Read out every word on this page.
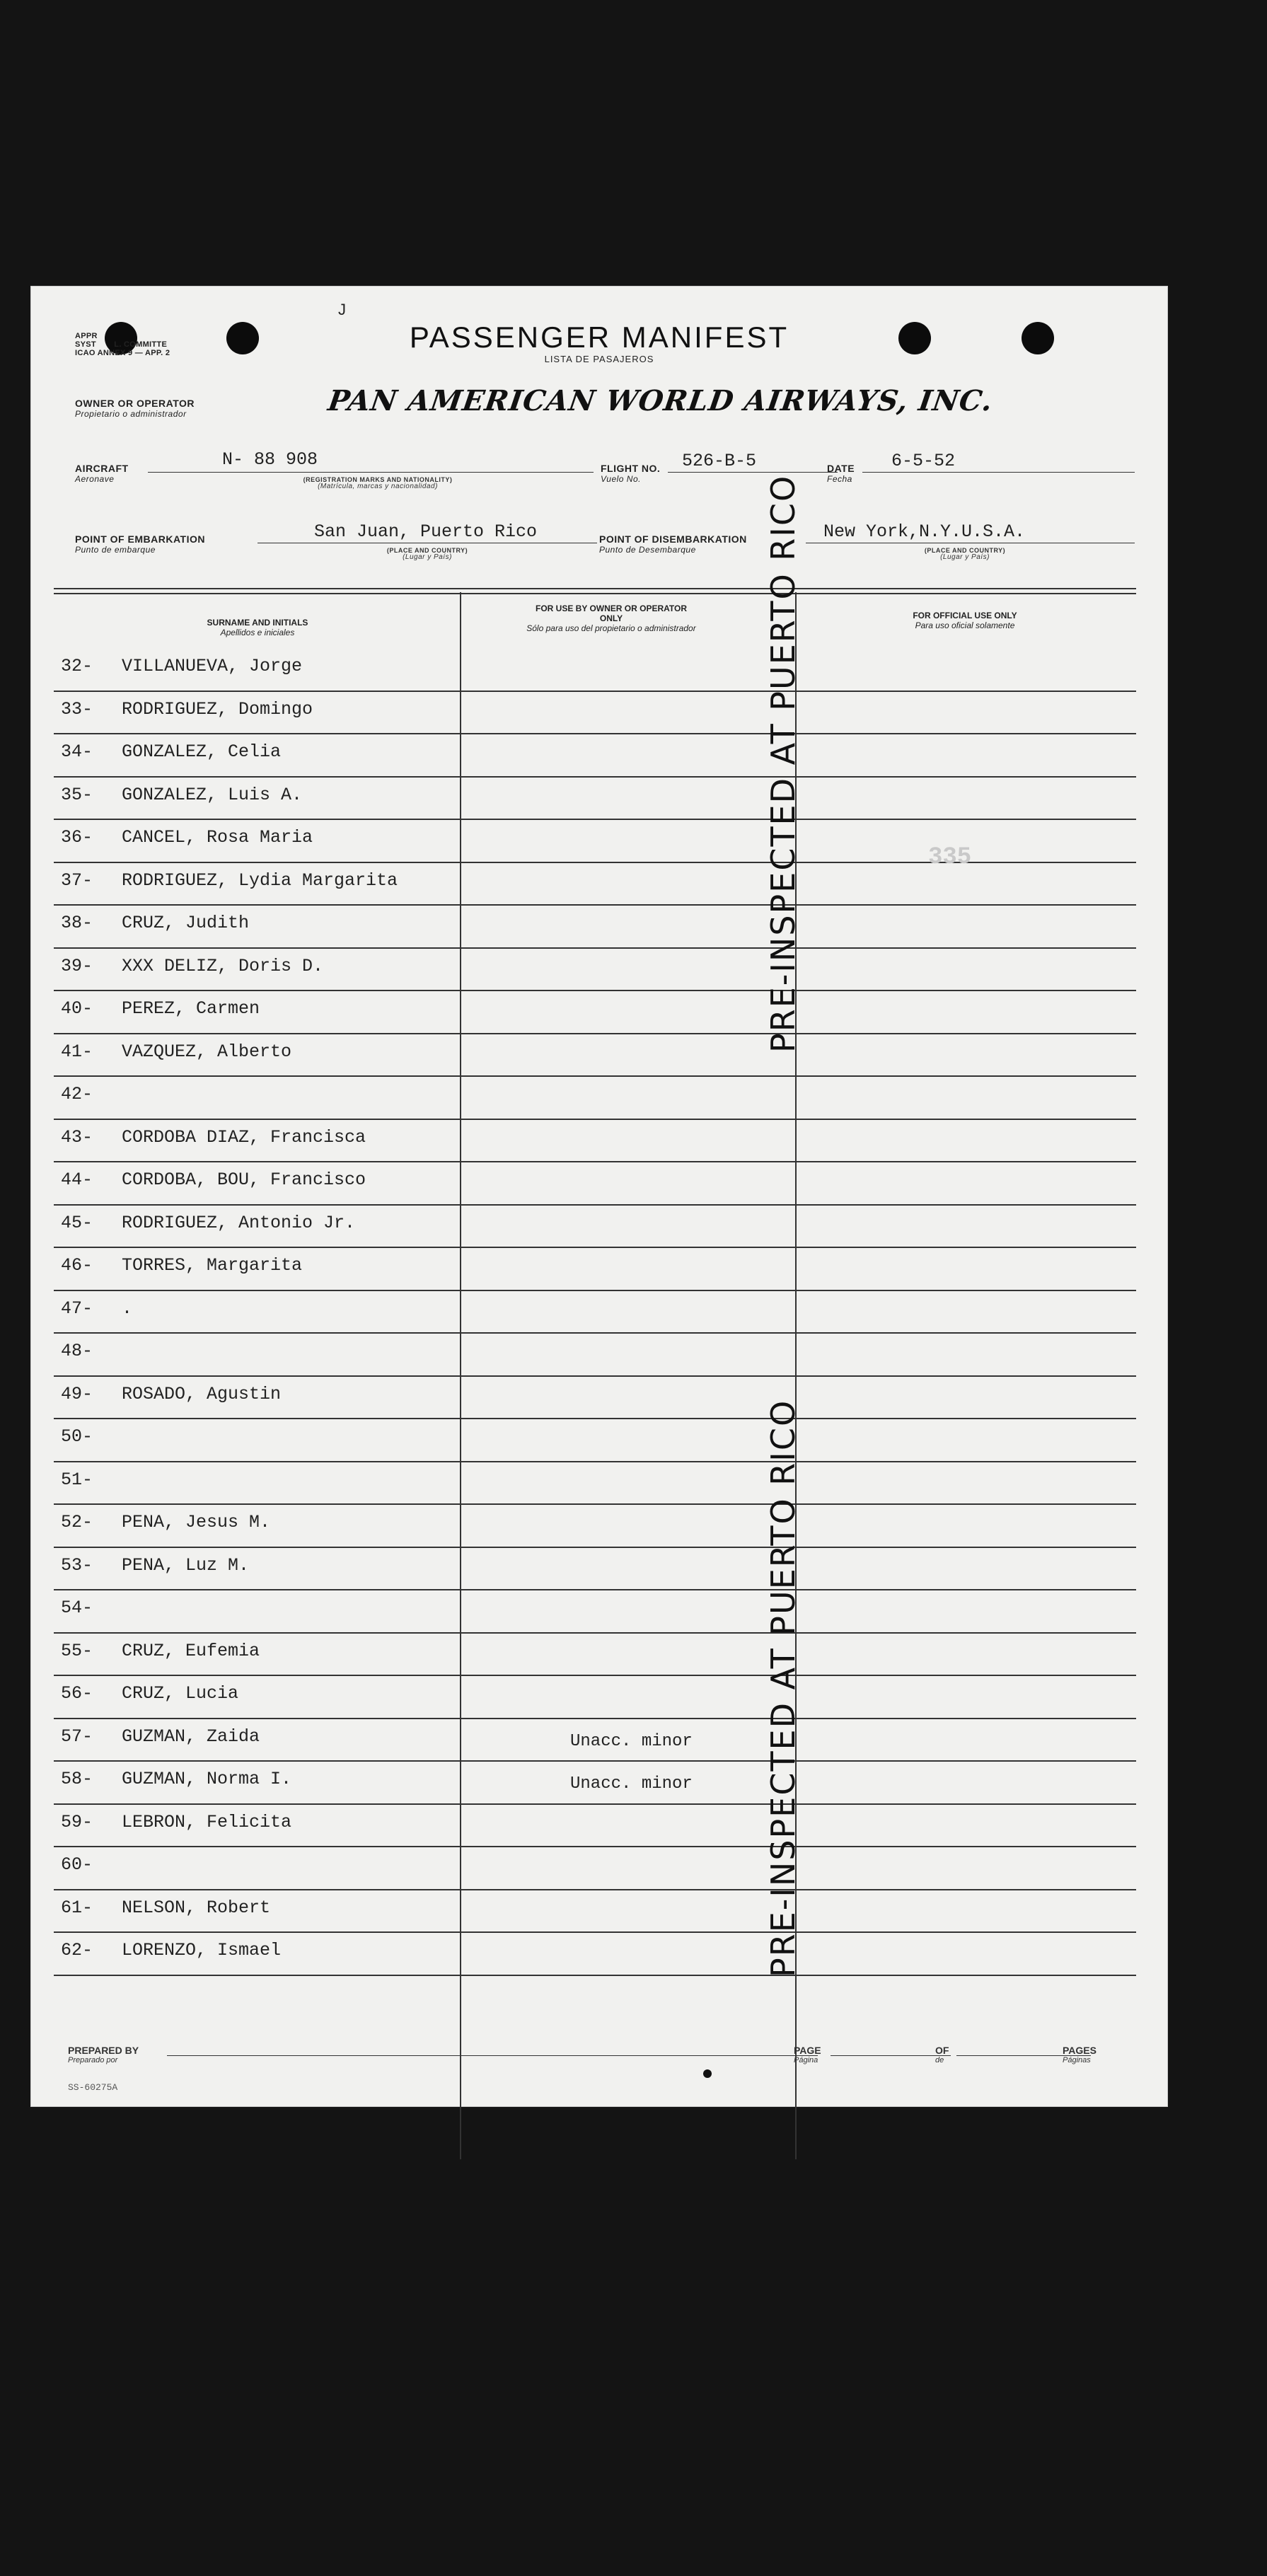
APPR
SYST L. COMMITTE
ICAO ANNEX 9 — APP. 2
J
PASSENGER MANIFEST
LISTA DE PASAJEROS
OWNER OR OPERATOR
Propietario o administrador	PAN AMERICAN WORLD AIRWAYS, INC.
AIRCRAFT
Aeronave
N- 88 908
(REGISTRATION MARKS AND NATIONALITY)
(Matrícula, marcas y nacionalidad)
FLIGHT NO.
Vuelo No.
526-B-5	DATE
Fecha
6-5-52
POINT OF EMBARKATION
Punto de embarque
San Juan, Puerto Rico
(PLACE AND COUNTRY)
(Lugar y País)
POINT OF DISEMBARKATION
Punto de Desembarque
New York,N.Y.U.S.A.
(PLACE AND COUNTRY)
(Lugar y País)
SURNAME AND INITIALS
Apellidos e iniciales
FOR USE BY OWNER OR OPERATOR ONLY
Sólo para uso del propietario o administrador
FOR OFFICIAL USE ONLY
Para uso oficial solamente
32- VILLANUEVA, Jorge
33- RODRIGUEZ, Domingo
34- GONZALEZ, Celia
35- GONZALEZ, Luis A.
36- CANCEL, Rosa Maria
37- RODRIGUEZ, Lydia Margarita
38- CRUZ, Judith
39- XXX DELIZ, Doris D.
40- PEREZ, Carmen
41- VAZQUEZ, Alberto
42-
43- CORDOBA DIAZ, Francisca
44- CORDOBA, BOU, Francisco
45- RODRIGUEZ, Antonio Jr.
46- TORRES, Margarita
47- .
48-
49- ROSADO, Agustin
50-
51-
52- PENA, Jesus M.
53- PENA, Luz M.
54-
55- CRUZ, Eufemia
56- CRUZ, Lucia
57- GUZMAN, Zaida	Unacc. minor
58- GUZMAN, Norma I.	Unacc. minor
59- LEBRON, Felicita
60-
61- NELSON, Robert
62- LORENZO, Ismael
PRE-INSPECTED AT PUERTO RICO
PRE-INSPECTED AT PUERTO RICO
335
PREPARED BY
Preparado por
PAGE
Página
OF
de
PAGES
Páginas
SS-60275A
